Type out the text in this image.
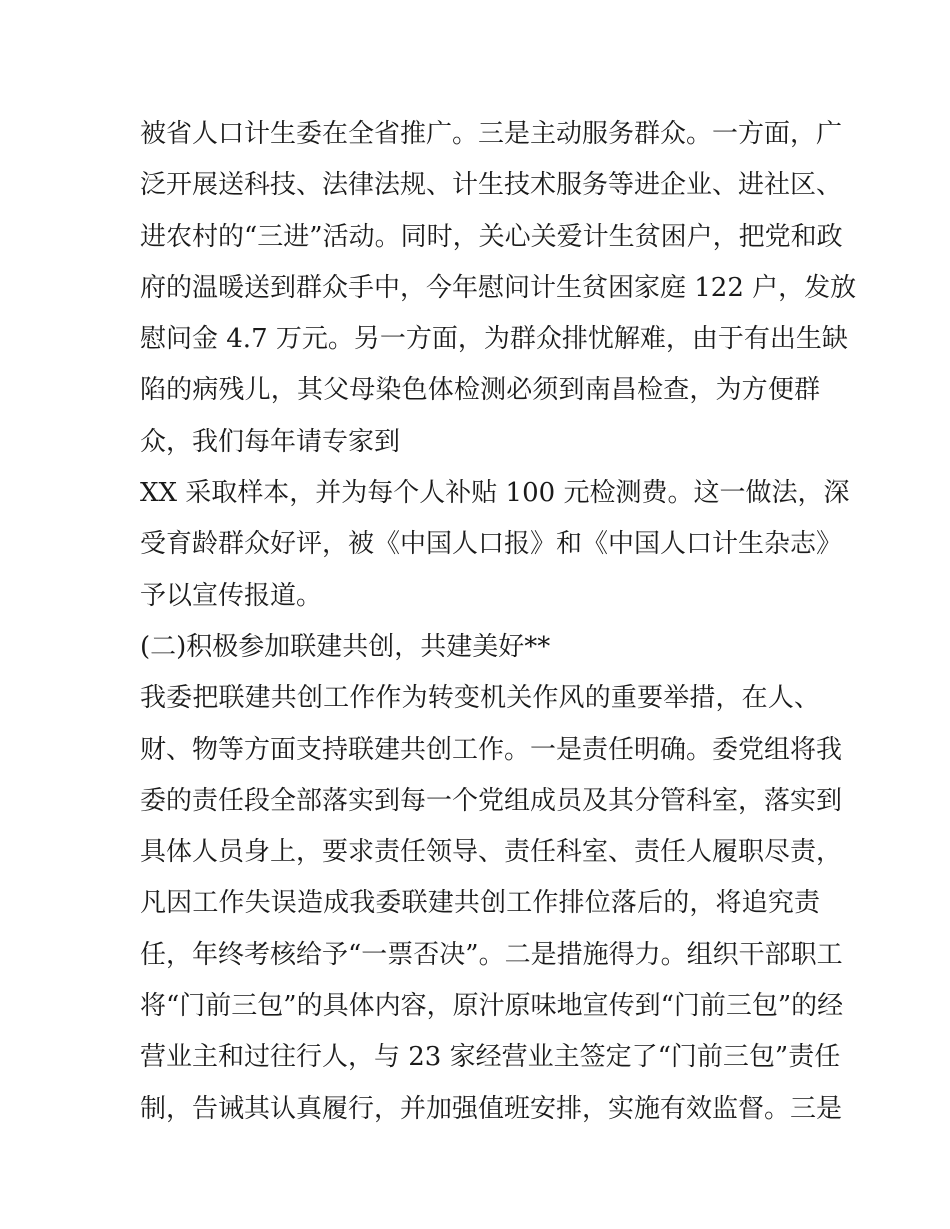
被省人口计生委在全省推广。三是主动服务群众。一方面，广
泛开展送科技、法律法规、计生技术服务等进企业、进社区、
进农村的“三进”活动。同时，关心关爱计生贫困户，把党和政
府的温暖送到群众手中，今年慰问计生贫困家庭 122 户，发放
慰问金 4.7 万元。另一方面，为群众排忧解难，由于有出生缺
陷的病残儿，其父母染色体检测必须到南昌检查，为方便群
众，我们每年请专家到
XX 采取样本，并为每个人补贴 100 元检测费。这一做法，深
受育龄群众好评，被《中国人口报》和《中国人口计生杂志》
予以宣传报道。
(二)积极参加联建共创，共建美好**
我委把联建共创工作作为转变机关作风的重要举措，在人、
财、物等方面支持联建共创工作。一是责任明确。委党组将我
委的责任段全部落实到每一个党组成员及其分管科室，落实到
具体人员身上，要求责任领导、责任科室、责任人履职尽责，
凡因工作失误造成我委联建共创工作排位落后的，将追究责
任，年终考核给予“一票否决”。二是措施得力。组织干部职工
将“门前三包”的具体内容，原汁原味地宣传到“门前三包”的经
营业主和过往行人，与 23 家经营业主签定了“门前三包”责任
制，告诫其认真履行，并加强值班安排，实施有效监督。三是
